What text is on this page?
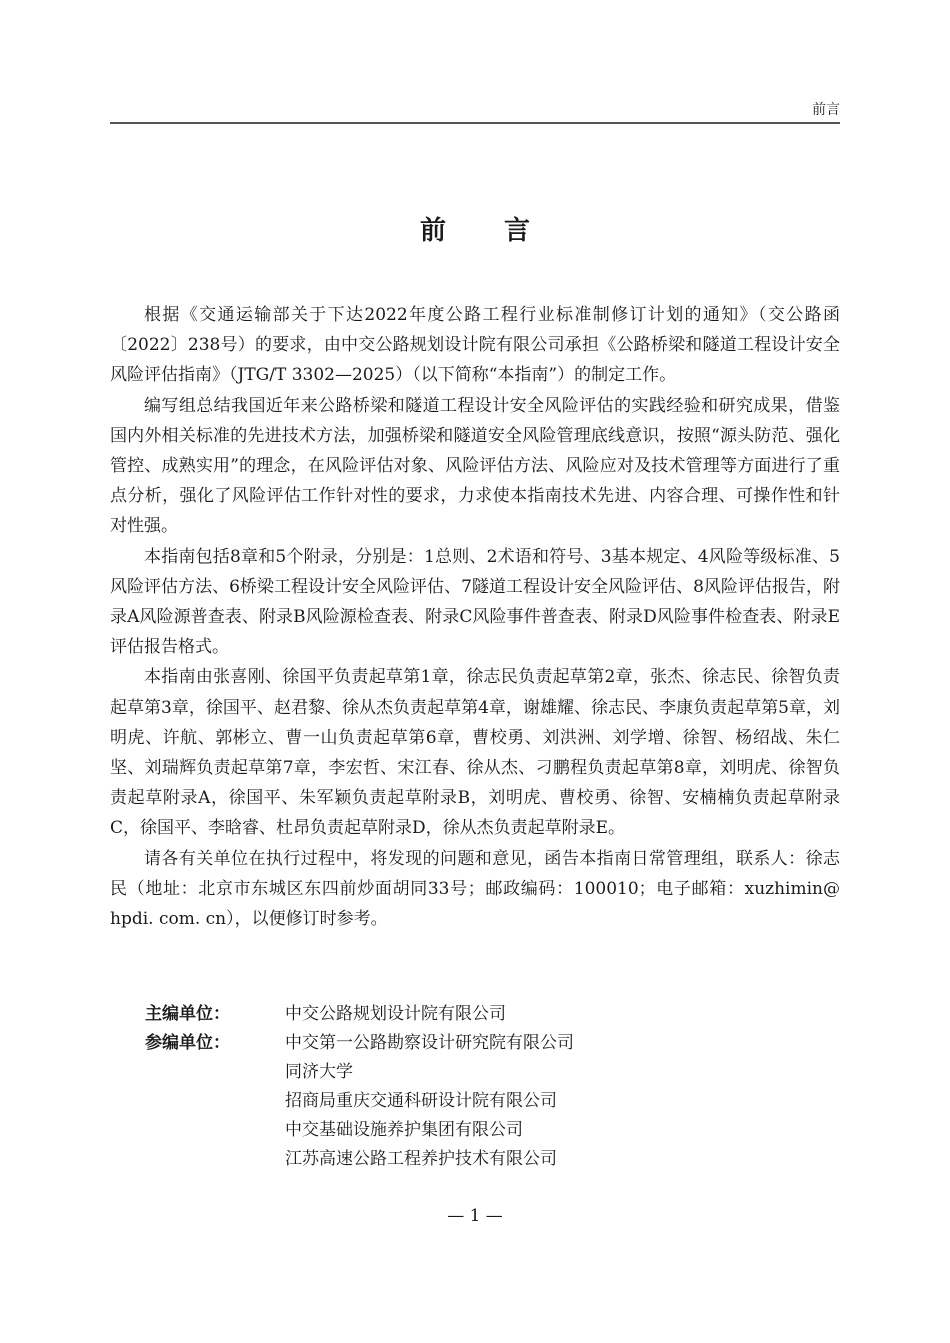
前言
前言

根据《交通运输部关于下达2022年度公路工程行业标准制修订计划的通知》（交公路函〔2022〕238号）的要求，由中交公路规划设计院有限公司承担《公路桥梁和隧道工程设计安全风险评估指南》（JTG/T 3302—2025）（以下简称“本指南”）的制定工作。

编写组总结我国近年来公路桥梁和隧道工程设计安全风险评估的实践经验和研究成果，借鉴国内外相关标准的先进技术方法，加强桥梁和隧道安全风险管理底线意识，按照“源头防范、强化管控、成熟实用”的理念，在风险评估对象、风险评估方法、风险应对及技术管理等方面进行了重点分析，强化了风险评估工作针对性的要求，力求使本指南技术先进、内容合理、可操作性和针对性强。

本指南包括8章和5个附录，分别是：1总则、2术语和符号、3基本规定、4风险等级标准、5风险评估方法、6桥梁工程设计安全风险评估、7隧道工程设计安全风险评估、8风险评估报告，附录A风险源普查表、附录B风险源检查表、附录C风险事件普查表、附录D风险事件检查表、附录E评估报告格式。

本指南由张喜刚、徐国平负责起草第1章，徐志民负责起草第2章，张杰、徐志民、徐智负责起草第3章，徐国平、赵君黎、徐从杰负责起草第4章，谢雄耀、徐志民、李康负责起草第5章，刘明虎、许航、郭彬立、曹一山负责起草第6章，曹校勇、刘洪洲、刘学增、徐智、杨绍战、朱仁坚、刘瑞辉负责起草第7章，李宏哲、宋江春、徐从杰、刁鹏程负责起草第8章，刘明虎、徐智负责起草附录A，徐国平、朱军颖负责起草附录B，刘明虎、曹校勇、徐智、安楠楠负责起草附录C，徐国平、李晗睿、杜昂负责起草附录D，徐从杰负责起草附录E。

请各有关单位在执行过程中，将发现的问题和意见，函告本指南日常管理组，联系人：徐志民（地址：北京市东城区东四前炒面胡同33号；邮政编码：100010；电子邮箱：xuzhimin@ hpdi. com. cn），以便修订时参考。

主编单位：	中交公路规划设计院有限公司
参编单位：	中交第一公路勘察设计研究院有限公司
同济大学
招商局重庆交通科研设计院有限公司
中交基础设施养护集团有限公司
江苏高速公路工程养护技术有限公司
— 1 —
